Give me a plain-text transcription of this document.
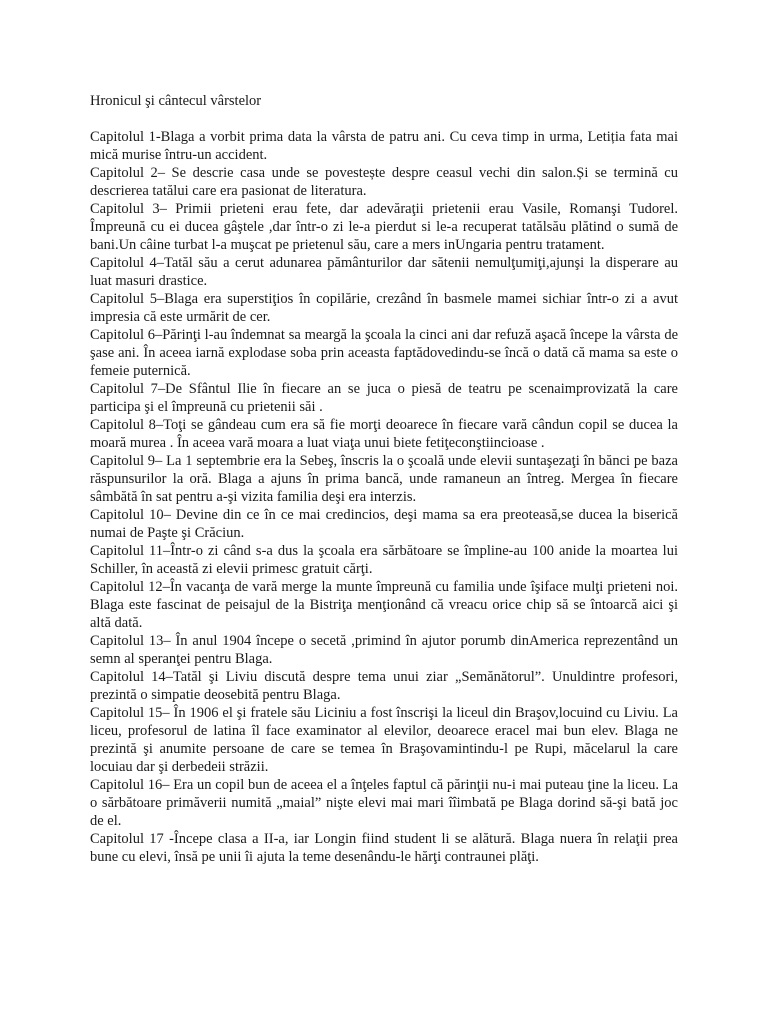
Hronicul şi cântecul vârstelor

Capitolul 1-Blaga a vorbit prima data la vârsta de patru ani. Cu ceva timp in urma, Letiția fata mai mică murise întru-un accident.

Capitolul 2– Se descrie casa unde se povestește despre ceasul vechi din salon.Și se termină cu descrierea tatălui care era pasionat de literatura.

Capitolul 3– Primii prieteni erau fete, dar adevăraţii prietenii erau Vasile, Romanşi Tudorel. Împreună cu ei ducea gâştele ,dar într-o zi le-a pierdut si le-a recuperat tatălsău plătind o sumă de bani.Un câine turbat l-a muşcat pe prietenul său, care a mers inUngaria pentru tratament.

Capitolul 4–Tatăl său a cerut adunarea pământurilor dar sătenii nemulţumiţi,ajunşi la disperare au luat masuri drastice.

Capitolul 5–Blaga era superstiţios în copilărie, crezând în basmele mamei sichiar într-o zi a avut impresia că este urmărit de cer.

Capitolul 6–Părinţi l-au îndemnat sa meargă la şcoala la cinci ani dar refuză aşacă începe la vârsta de şase ani. În aceea iarnă explodase soba prin aceasta faptădovedindu-se încă o dată că mama sa este o femeie puternică.

Capitolul 7–De Sfântul Ilie în fiecare an se juca o piesă de teatru pe scenaimprovizată la care participa şi el împreună cu prietenii săi .

Capitolul 8–Toţi se gândeau cum era să fie morţi deoarece în fiecare vară cândun copil se ducea la moară murea . În aceea vară moara a luat viaţa unui biete fetiţeconştiincioase .

Capitolul 9– La 1 septembrie era la Sebeş, înscris la o şcoală unde elevii suntaşezaţi în bănci pe baza răspunsurilor la oră. Blaga a ajuns în prima bancă, unde ramaneun an întreg. Mergea în fiecare sâmbătă în sat pentru a-şi vizita familia deşi era interzis.

Capitolul 10– Devine din ce în ce mai credincios, deşi mama sa era preoteasă,se ducea la biserică numai de Paşte şi Crăciun.

Capitolul 11–Într-o zi când s-a dus la şcoala era sărbătoare se împline-au 100 anide la moartea lui Schiller, în această zi elevii primesc gratuit cărţi.

Capitolul 12–În vacanţa de vară merge la munte împreună cu familia unde îşiface mulţi prieteni noi. Blaga este fascinat de peisajul de la Bistriţa menţionând că vreacu orice chip să se întoarcă aici şi altă dată.

Capitolul 13– În anul 1904 începe o secetă ,primind în ajutor porumb dinAmerica reprezentând un semn al speranţei pentru Blaga.

Capitolul 14–Tatăl şi Liviu discută despre tema unui ziar „Semănătorul”. Unuldintre profesori, prezintă o simpatie deosebită pentru Blaga.

Capitolul 15– În 1906 el şi fratele său Liciniu a fost înscrişi la liceul din Braşov,locuind cu Liviu. La liceu, profesorul de latina îl face examinator al elevilor, deoarece eracel mai bun elev. Blaga ne prezintă şi anumite persoane de care se temea în Braşovamintindu-l pe Rupi, măcelarul la care locuiau dar şi derbedeii străzii.

Capitolul 16– Era un copil bun de aceea el a înţeles faptul că părinţii nu-i mai puteau ţine la liceu. La o sărbătoare primăverii numită „maial” nişte elevi mai mari îîimbată pe Blaga dorind să-şi bată joc de el.

Capitolul 17 -Începe clasa a II-a, iar Longin fiind student li se alătură. Blaga nuera în relaţii prea bune cu elevi, însă pe unii îi ajuta la teme desenându-le hărţi contraunei plăţi.
